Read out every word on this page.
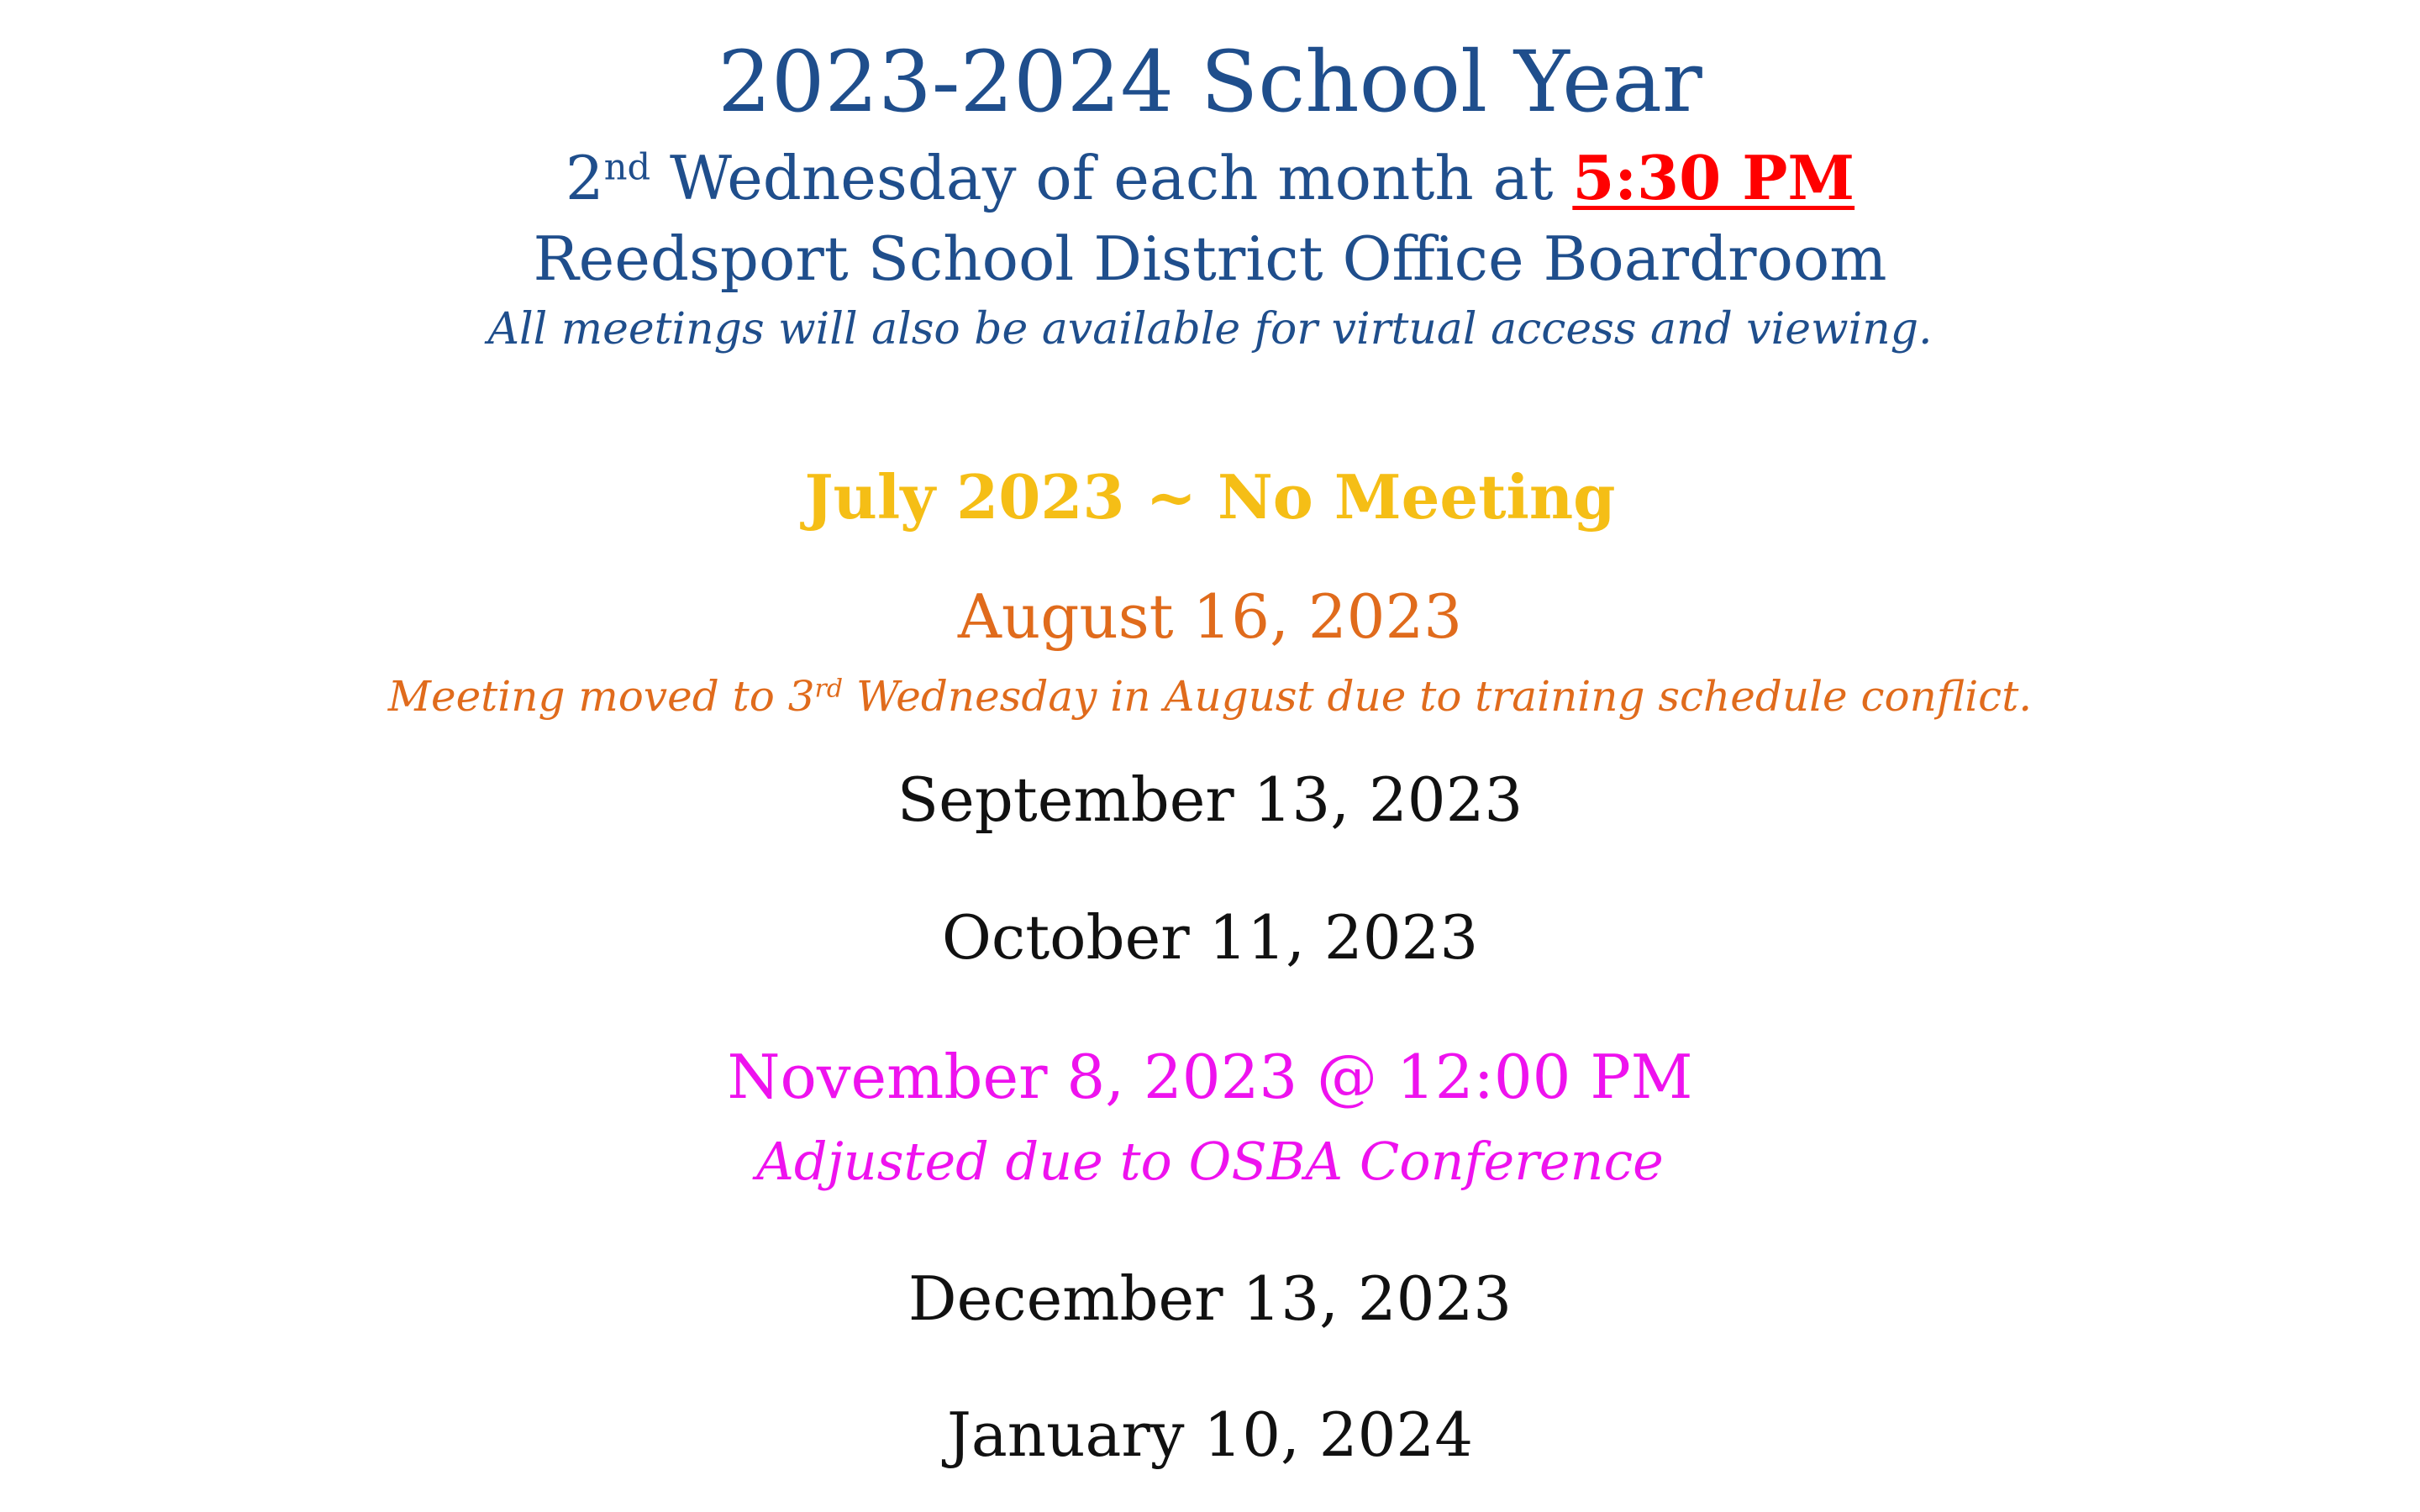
2023-2024 School Year
2nd Wednesday of each month at 5:30 PM
Reedsport School District Office Boardroom
All meetings will also be available for virtual access and viewing.
July 2023 ~ No Meeting
August 16, 2023
Meeting moved to 3rd Wednesday in August due to training schedule conflict.
September 13, 2023
October 11, 2023
November 8, 2023 @ 12:00 PM
Adjusted due to OSBA Conference
December 13, 2023
January 10, 2024
